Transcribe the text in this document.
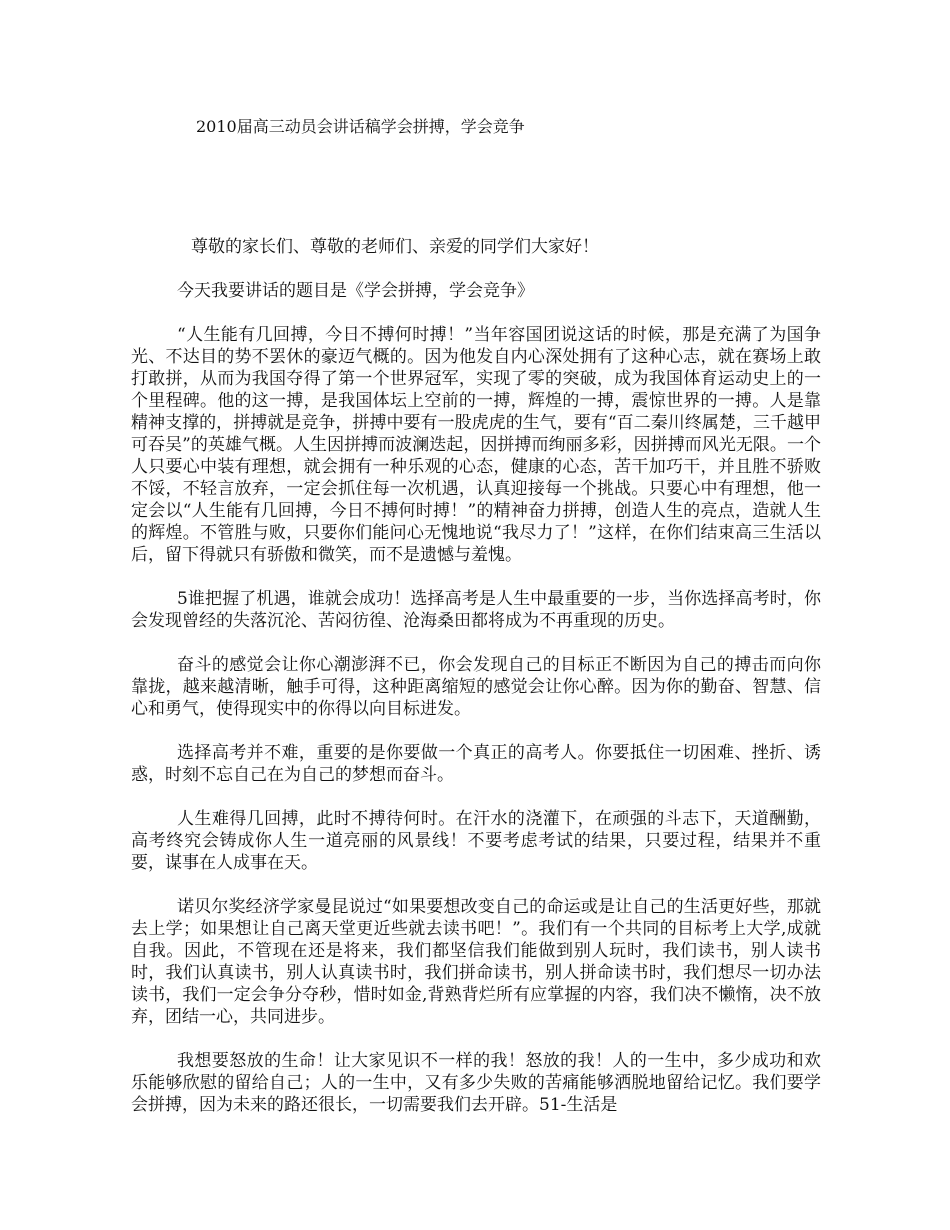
2010届高三动员会讲话稿学会拼搏，学会竞争

尊敬的家长们、尊敬的老师们、亲爱的同学们大家好！

今天我要讲话的题目是《学会拼搏，学会竞争》

“人生能有几回搏，今日不搏何时搏！”当年容国团说这话的时候，那是充满了为国争光、不达目的势不罢休的豪迈气概的。因为他发自内心深处拥有了这种心志，就在赛场上敢打敢拼，从而为我国夺得了第一个世界冠军，实现了零的突破，成为我国体育运动史上的一个里程碑。他的这一搏，是我国体坛上空前的一搏，辉煌的一搏，震惊世界的一搏。人是靠精神支撑的，拼搏就是竞争，拼搏中要有一股虎虎的生气，要有“百二秦川终属楚，三千越甲可吞吴”的英雄气概。人生因拼搏而波澜迭起，因拼搏而绚丽多彩，因拼搏而风光无限。一个人只要心中装有理想，就会拥有一种乐观的心态，健康的心态，苦干加巧干，并且胜不骄败不馁，不轻言放弃，一定会抓住每一次机遇，认真迎接每一个挑战。只要心中有理想，他一定会以“人生能有几回搏，今日不搏何时搏！”的精神奋力拼搏，创造人生的亮点，造就人生的辉煌。不管胜与败，只要你们能问心无愧地说“我尽力了！”这样，在你们结束高三生活以后，留下得就只有骄傲和微笑，而不是遗憾与羞愧。

5谁把握了机遇，谁就会成功！选择高考是人生中最重要的一步，当你选择高考时，你会发现曾经的失落沉沦、苦闷彷徨、沧海桑田都将成为不再重现的历史。

奋斗的感觉会让你心潮澎湃不已，你会发现自己的目标正不断因为自己的搏击而向你靠拢，越来越清晰，触手可得，这种距离缩短的感觉会让你心醉。因为你的勤奋、智慧、信心和勇气，使得现实中的你得以向目标进发。

选择高考并不难，重要的是你要做一个真正的高考人。你要抵住一切困难、挫折、诱惑，时刻不忘自己在为自己的梦想而奋斗。

人生难得几回搏，此时不搏待何时。在汗水的浇灌下，在顽强的斗志下，天道酬勤，高考终究会铸成你人生一道亮丽的风景线！不要考虑考试的结果，只要过程，结果并不重要，谋事在人成事在天。

诺贝尔奖经济学家曼昆说过“如果要想改变自己的命运或是让自己的生活更好些，那就去上学；如果想让自己离天堂更近些就去读书吧！”。我们有一个共同的目标考上大学,成就自我。因此，不管现在还是将来，我们都坚信我们能做到别人玩时，我们读书，别人读书时，我们认真读书，别人认真读书时，我们拼命读书，别人拼命读书时，我们想尽一切办法读书，我们一定会争分夺秒，惜时如金,背熟背烂所有应掌握的内容，我们决不懒惰，决不放弃，团结一心，共同进步。

我想要怒放的生命！让大家见识不一样的我！怒放的我！人的一生中，多少成功和欢乐能够欣慰的留给自己；人的一生中，又有多少失败的苦痛能够洒脱地留给记忆。我们要学会拼搏，因为未来的路还很长，一切需要我们去开辟。51-生活是
